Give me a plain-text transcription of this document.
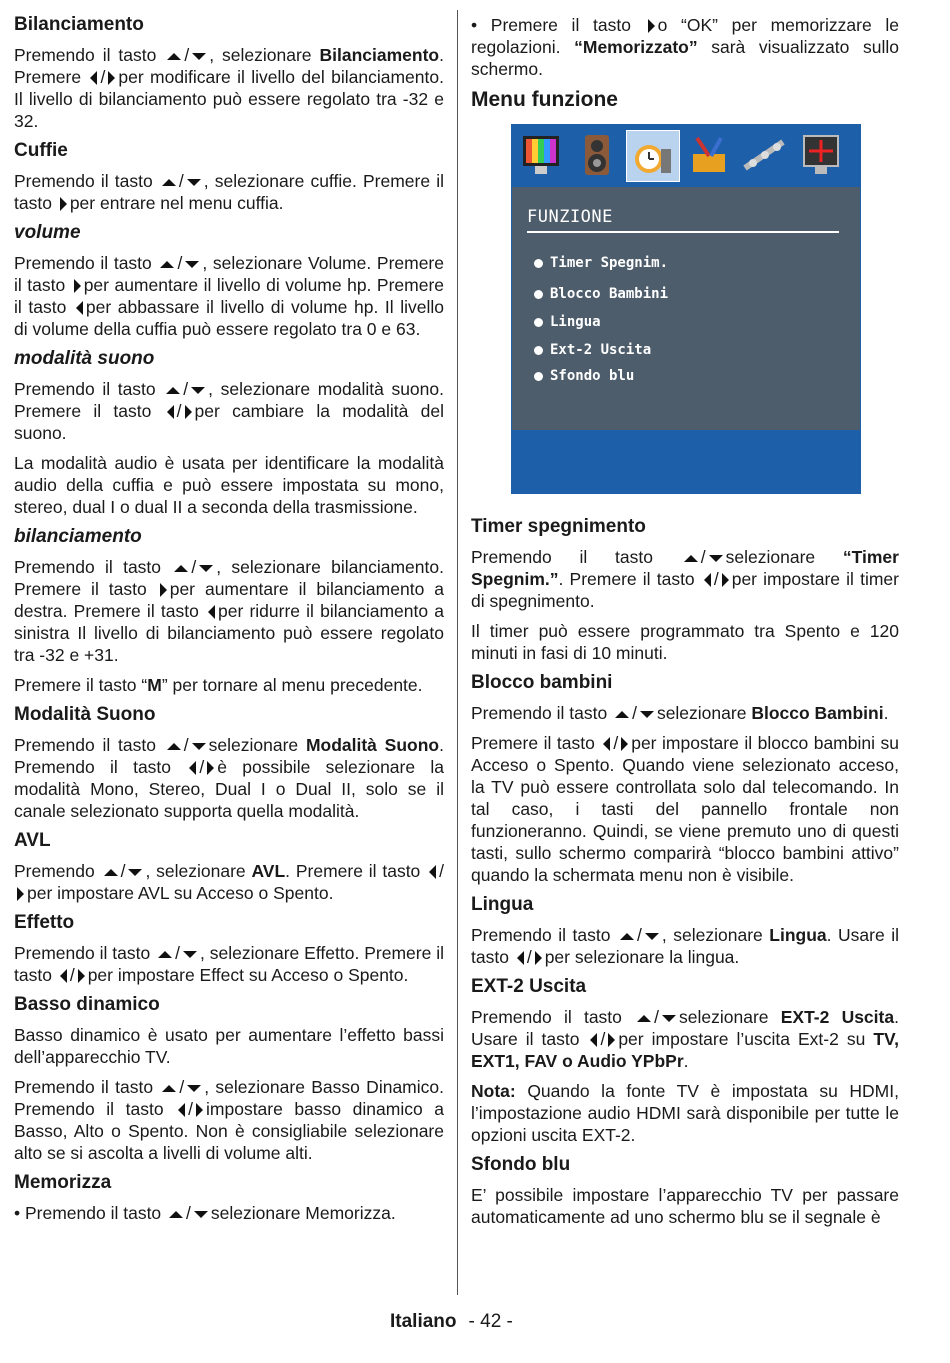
Bilanciamento

Premendo il tasto / , selezionare Bilanciamento. Premere / per modificare il livello del bilanciamento. Il livello di bilanciamento può essere regolato tra -32 e 32.

Cuffie

Premendo il tasto / , selezionare cuffie. Premere il tasto per entrare nel menu cuffia.

volume

Premendo il tasto / , selezionare Volume. Premere il tasto per aumentare il livello di volume hp. Premere il tasto per abbassare il livello di volume hp. Il livello di volume della cuffia può essere regolato tra 0 e 63.

modalità suono

Premendo il tasto / , selezionare modalità suono. Premere il tasto / per cambiare la modalità del suono.

La modalità audio è usata per identificare la modalità audio della cuffia e può essere impostata su mono, stereo, dual I o dual II a seconda della trasmissione.

bilanciamento

Premendo il tasto / , selezionare bilanciamento. Premere il tasto per aumentare il bilanciamento a destra. Premere il tasto per ridurre il bilanciamento a sinistra Il livello di bilanciamento può essere regolato tra -32 e +31.

Premere il tasto “M” per tornare al menu precedente.

Modalità Suono

Premendo il tasto / selezionare Modalità Suono. Premendo il tasto / è possibile selezionare la modalità Mono, Stereo, Dual I o Dual II, solo se il canale selezionato supporta quella modalità.

AVL

Premendo / , selezionare AVL. Premere il tasto /per impostare AVL su Acceso o Spento.

Effetto

Premendo il tasto / , selezionare Effetto. Premere il tasto / per impostare Effect su Acceso o Spento.

Basso dinamico

Basso dinamico è usato per aumentare l’effetto bassi dell’apparecchio TV.

Premendo il tasto / , selezionare Basso Dinamico. Premendo il tasto / impostare basso dinamico a Basso, Alto o Spento. Non è consigliabile selezionare alto se si ascolta a livelli di volume alti.

Memorizza

• Premendo il tasto / selezionare Memorizza.

• Premere il tasto o “OK” per memorizzare le regolazioni. “Memorizzato” sarà visualizzato sullo schermo.

Menu funzione
FUNZIONE
Timer Spegnim.
Blocco Bambini
Lingua
Ext-2 Uscita
Sfondo blu
Timer spegnimento

Premendo il tasto	/ selezionare “Timer Spegnim.”. Premere il tasto / per impostare il timer di spegnimento.

Il timer può essere programmato tra Spento e 120 minuti in fasi di 10 minuti.

Blocco bambini

Premendo il tasto / selezionare Blocco Bambini.

Premere il tasto / per impostare il blocco bambini su Acceso o Spento. Quando viene selezionato acceso, la TV può essere controllata solo dal telecomando. In tal caso, i tasti del pannello frontale non funzioneranno. Quindi, se viene premuto uno di questi tasti, sullo schermo comparirà “blocco bambini attivo” quando la schermata menu non è visibile.

Lingua

Premendo il tasto / , selezionare Lingua. Usare il tasto / per selezionare la lingua.

EXT-2 Uscita

Premendo il tasto / selezionare EXT-2 Uscita. Usare il tasto / per impostare l’uscita Ext-2 su TV, EXT1, FAV o Audio YPbPr.

Nota: Quando la fonte TV è impostata su HDMI, l’impostazione audio HDMI sarà disponibile per tutte le opzioni uscita EXT-2.

Sfondo blu

E’ possibile impostare l’apparecchio TV per passare automaticamente ad uno schermo blu se il segnale è

Italiano - 42 -
